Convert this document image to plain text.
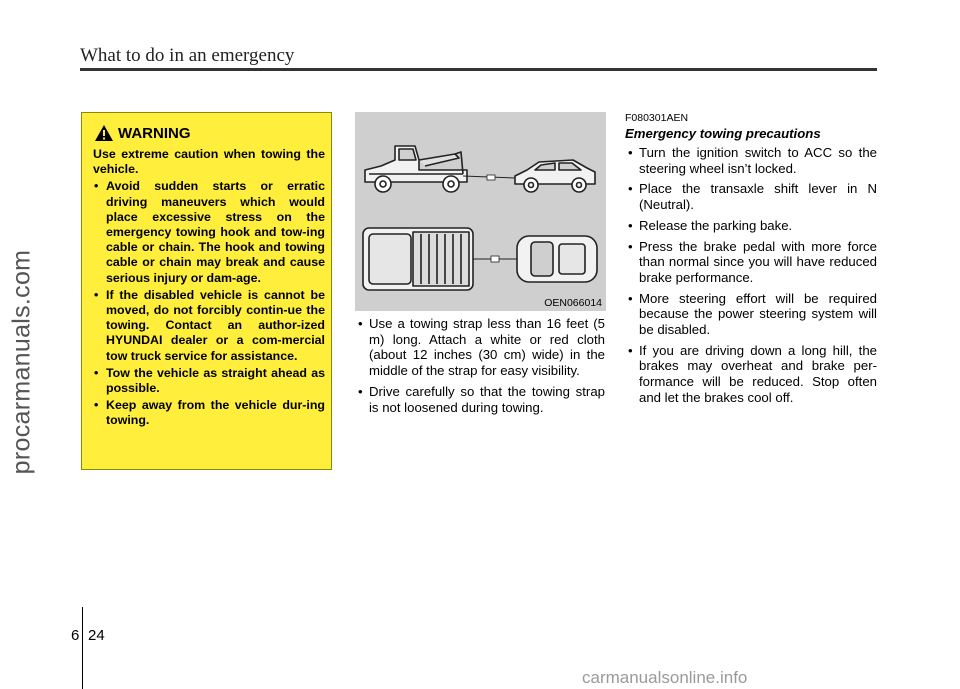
What to do in an emergency
procarmanuals.com
WARNING

Use extreme caution when towing the vehicle.

• Avoid sudden starts or erratic driving maneuvers which would place excessive stress on the emergency towing hook and tow-ing cable or chain. The hook and towing cable or chain may break and cause serious injury or dam-age.
• If the disabled vehicle is cannot be moved, do not forcibly contin-ue the towing. Contact an author-ized HYUNDAI dealer or a com-mercial tow truck service for assistance.
• Tow the vehicle as straight ahead as possible.
• Keep away from the vehicle dur-ing towing.
OEN066014
• Use a towing strap less than 16 feet (5 m) long. Attach a white or red cloth (about 12 inches (30 cm) wide) in the middle of the strap for easy visibility.
• Drive carefully so that the towing strap is not loosened during towing.
F080301AEN
Emergency towing precautions
• Turn the ignition switch to ACC so the steering wheel isn’t locked.
• Place the transaxle shift lever in N (Neutral).
• Release the parking bake.
• Press the brake pedal with more force than normal since you will have reduced brake performance.
• More steering effort will be required because the power steering system will be disabled.
• If you are driving down a long hill, the brakes may overheat and brake per-formance will be reduced. Stop often and let the brakes cool off.
6 24
carmanualsonline.info
